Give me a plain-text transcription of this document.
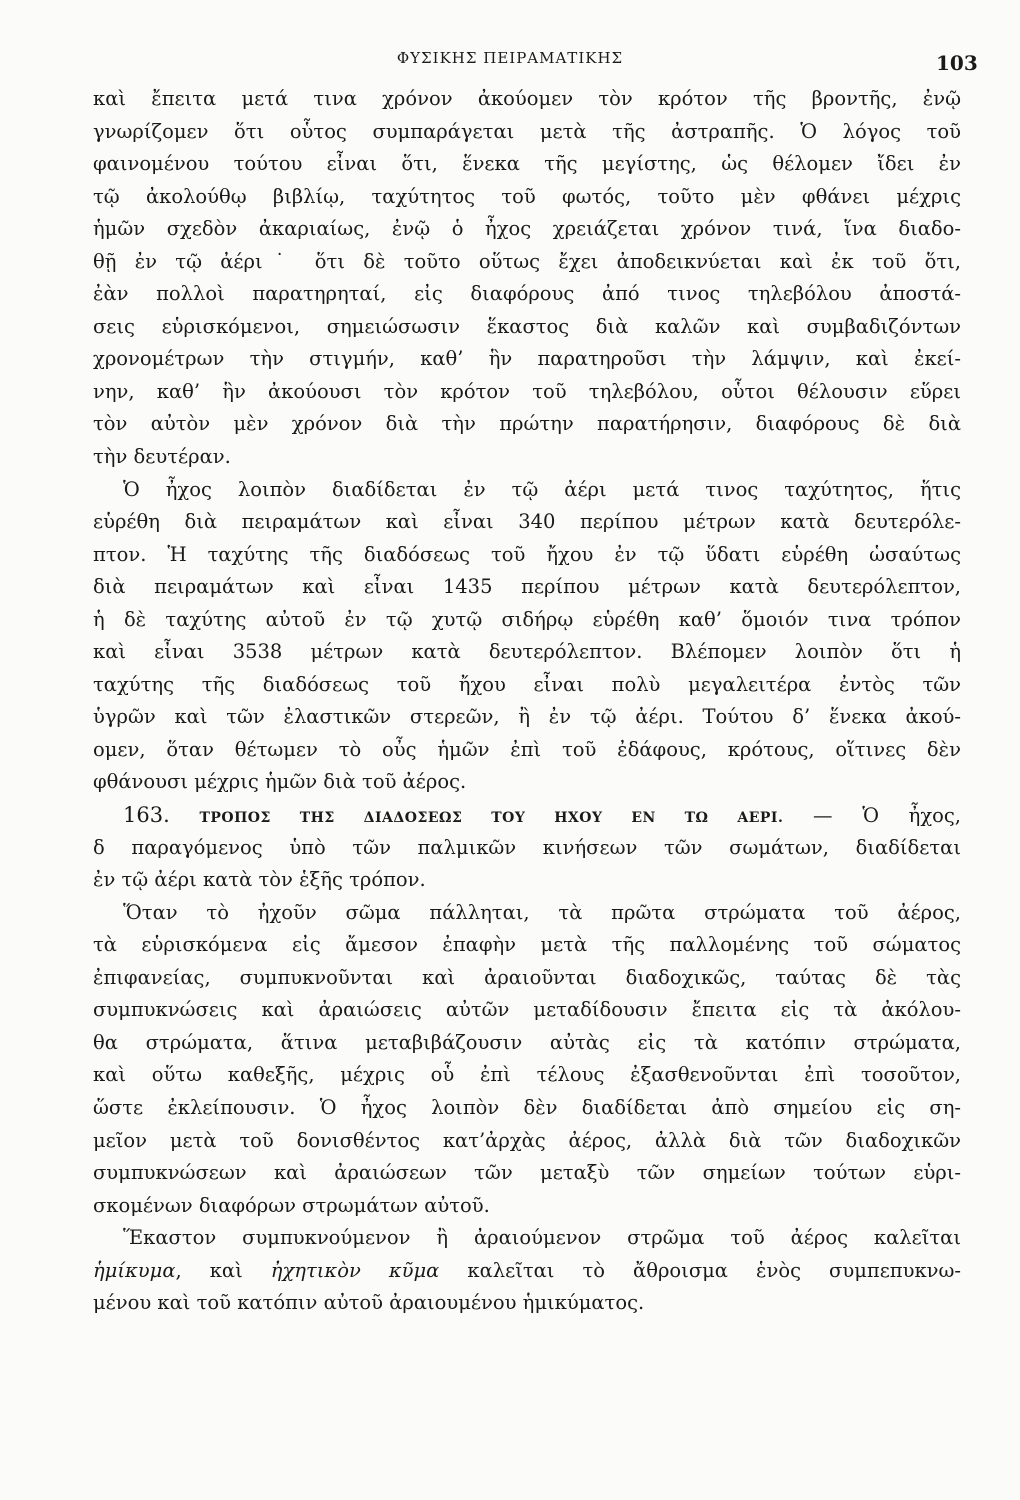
ΦΥΣΙΚΗΣ ΠΕΙΡΑΜΑΤΙΚΗΣ	103
καὶ ἔπειτα μετά τινα χρόνον ἀκούομεν τὸν κρότον τῆς βροντῆς, ἐνῷ
γνωρίζομεν ὅτι οὗτος συμπαράγεται μετὰ τῆς ἀστραπῆς. Ὁ λόγος τοῦ
φαινομένου τούτου εἶναι ὅτι, ἕνεκα τῆς μεγίστης, ὡς θέλομεν ἴδει ἐν
τῷ ἀκολούθῳ βιβλίῳ, ταχύτητος τοῦ φωτός, τοῦτο μὲν φθάνει μέχρις
ἡμῶν σχεδὸν ἀκαριαίως, ἐνῷ ὁ ἦχος χρειάζεται χρόνον τινά, ἵνα διαδο-
θῇ ἐν τῷ ἀέρι˙ ὅτι δὲ τοῦτο οὕτως ἔχει ἀποδεικνύεται καὶ ἐκ τοῦ ὅτι,
ἐὰν πολλοὶ παρατηρηταί, εἰς διαφόρους ἀπό τινος τηλεβόλου ἀποστά-
σεις εὑρισκόμενοι, σημειώσωσιν ἕκαστος διὰ καλῶν καὶ συμβαδιζόντων
χρονομέτρων τὴν στιγμήν, καθ’ ἣν παρατηροῦσι τὴν λάμψιν, καὶ ἐκεί-
νην, καθ’ ἣν ἀκούουσι τὸν κρότον τοῦ τηλεβόλου, οὗτοι θέλουσιν εὕρει
τὸν αὐτὸν μὲν χρόνον διὰ τὴν πρώτην παρατήρησιν, διαφόρους δὲ διὰ
τὴν δευτέραν.
Ὁ ἦχος λοιπὸν διαδίδεται ἐν τῷ ἀέρι μετά τινος ταχύτητος, ἥτις
εὑρέθη διὰ πειραμάτων καὶ εἶναι 340 περίπου μέτρων κατὰ δευτερόλε-
πτον. Ἡ ταχύτης τῆς διαδόσεως τοῦ ἤχου ἐν τῷ ὕδατι εὑρέθη ὡσαύτως
διὰ πειραμάτων καὶ εἶναι 1435 περίπου μέτρων κατὰ δευτερόλεπτον,
ἡ δὲ ταχύτης αὐτοῦ ἐν τῷ χυτῷ σιδήρῳ εὑρέθη καθ’ ὅμοιόν τινα τρόπον
καὶ εἶναι 3538 μέτρων κατὰ δευτερόλεπτον. Βλέπομεν λοιπὸν ὅτι ἡ
ταχύτης τῆς διαδόσεως τοῦ ἤχου εἶναι πολὺ μεγαλειτέρα ἐντὸς τῶν
ὑγρῶν καὶ τῶν ἐλαστικῶν στερεῶν, ἢ ἐν τῷ ἀέρι. Τούτου δ’ ἕνεκα ἀκού-
ομεν, ὅταν θέτωμεν τὸ οὖς ἡμῶν ἐπὶ τοῦ ἐδάφους, κρότους, οἵτινες δὲν
φθάνουσι μέχρις ἡμῶν διὰ τοῦ ἀέρος.
163. ΤΡΟΠΟΣ ΤΗΣ ΔΙΑΔΟΣΕΩΣ ΤΟΥ ΗΧΟΥ ΕΝ ΤΩ ΑΕΡΙ. — Ὁ ἦχος,
δ παραγόμενος ὑπὸ τῶν παλμικῶν κινήσεων τῶν σωμάτων, διαδίδεται
ἐν τῷ ἀέρι κατὰ τὸν ἑξῆς τρόπον.
Ὅταν τὸ ἠχοῦν σῶμα πάλληται, τὰ πρῶτα στρώματα τοῦ ἀέρος,
τὰ εὑρισκόμενα εἰς ἄμεσον ἐπαφὴν μετὰ τῆς παλλομένης τοῦ σώματος
ἐπιφανείας, συμπυκνοῦνται καὶ ἀραιοῦνται διαδοχικῶς, ταύτας δὲ τὰς
συμπυκνώσεις καὶ ἀραιώσεις αὐτῶν μεταδίδουσιν ἔπειτα εἰς τὰ ἀκόλου-
θα στρώματα, ἅτινα μεταβιβάζουσιν αὐτὰς εἰς τὰ κατόπιν στρώματα,
καὶ οὕτω καθεξῆς, μέχρις οὗ ἐπὶ τέλους ἐξασθενοῦνται ἐπὶ τοσοῦτον,
ὥστε ἐκλείπουσιν. Ὁ ἦχος λοιπὸν δὲν διαδίδεται ἀπὸ σημείου εἰς ση-
μεῖον μετὰ τοῦ δονισθέντος κατ’ἀρχὰς ἀέρος, ἀλλὰ διὰ τῶν διαδοχικῶν
συμπυκνώσεων καὶ ἀραιώσεων τῶν μεταξὺ τῶν σημείων τούτων εὑρι-
σκομένων διαφόρων στρωμάτων αὐτοῦ.
Ἕκαστον συμπυκνούμενον ἢ ἀραιούμενον στρῶμα τοῦ ἀέρος καλεῖται
ἡμίκυμα, καὶ ἠχητικὸν κῦμα καλεῖται τὸ ἄθροισμα ἑνὸς συμπεπυκνω-
μένου καὶ τοῦ κατόπιν αὐτοῦ ἀραιουμένου ἡμικύματος.
